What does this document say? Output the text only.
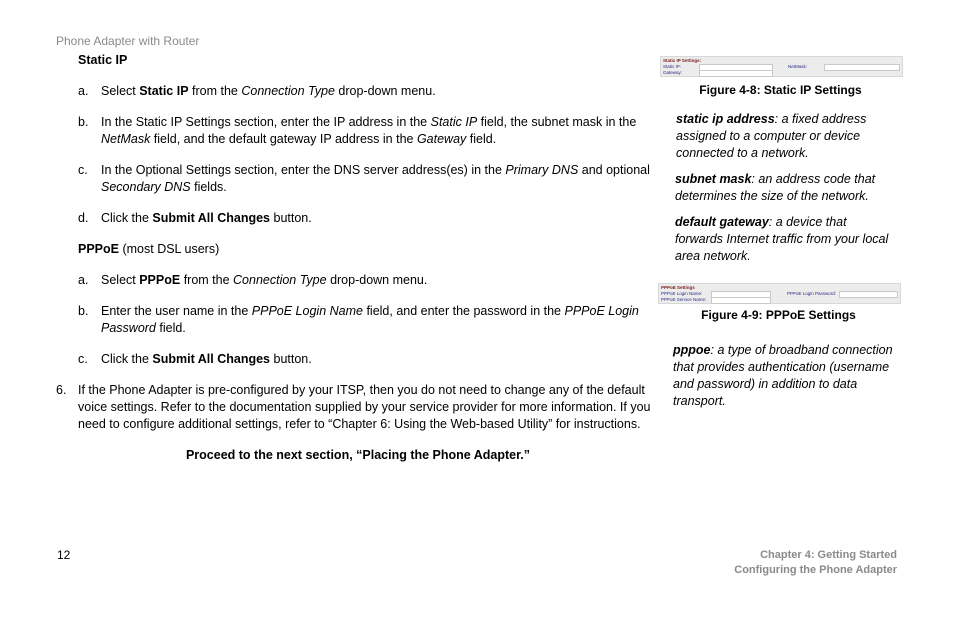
Phone Adapter with Router

Static IP

a. Select Static IP from the Connection Type drop-down menu.

b. In the Static IP Settings section, enter the IP address in the Static IP field, the subnet mask in the NetMask field, and the default gateway IP address in the Gateway field.

c. In the Optional Settings section, enter the DNS server address(es) in the Primary DNS and optional Secondary DNS fields.

d. Click the Submit All Changes button.

PPPoE (most DSL users)

a. Select PPPoE from the Connection Type drop-down menu.

b. Enter the user name in the PPPoE Login Name field, and enter the password in the PPPoE Login Password field.

c. Click the Submit All Changes button.

6. If the Phone Adapter is pre-configured by your ITSP, then you do not need to change any of the default voice settings. Refer to the documentation supplied by your service provider for more information. If you need to configure additional settings, refer to “Chapter 6: Using the Web-based Utility” for instructions.

Proceed to the next section, “Placing the Phone Adapter.”

Static IP Settings:
Static IP:	NetMask:
Gateway:
Figure 4-8: Static IP Settings
static ip address: a fixed address assigned to a computer or device connected to a network.
subnet mask: an address code that determines the size of the network.
default gateway: a device that forwards Internet traffic from your local area network.
PPPoE Settings
PPPoE Login Name:	PPPoE Login Password:
PPPoE Service Name:
Figure 4-9: PPPoE Settings
pppoe: a type of broadband connection that provides authentication (username and password) in addition to data transport.
12	Chapter 4: Getting Started
Configuring the Phone Adapter
